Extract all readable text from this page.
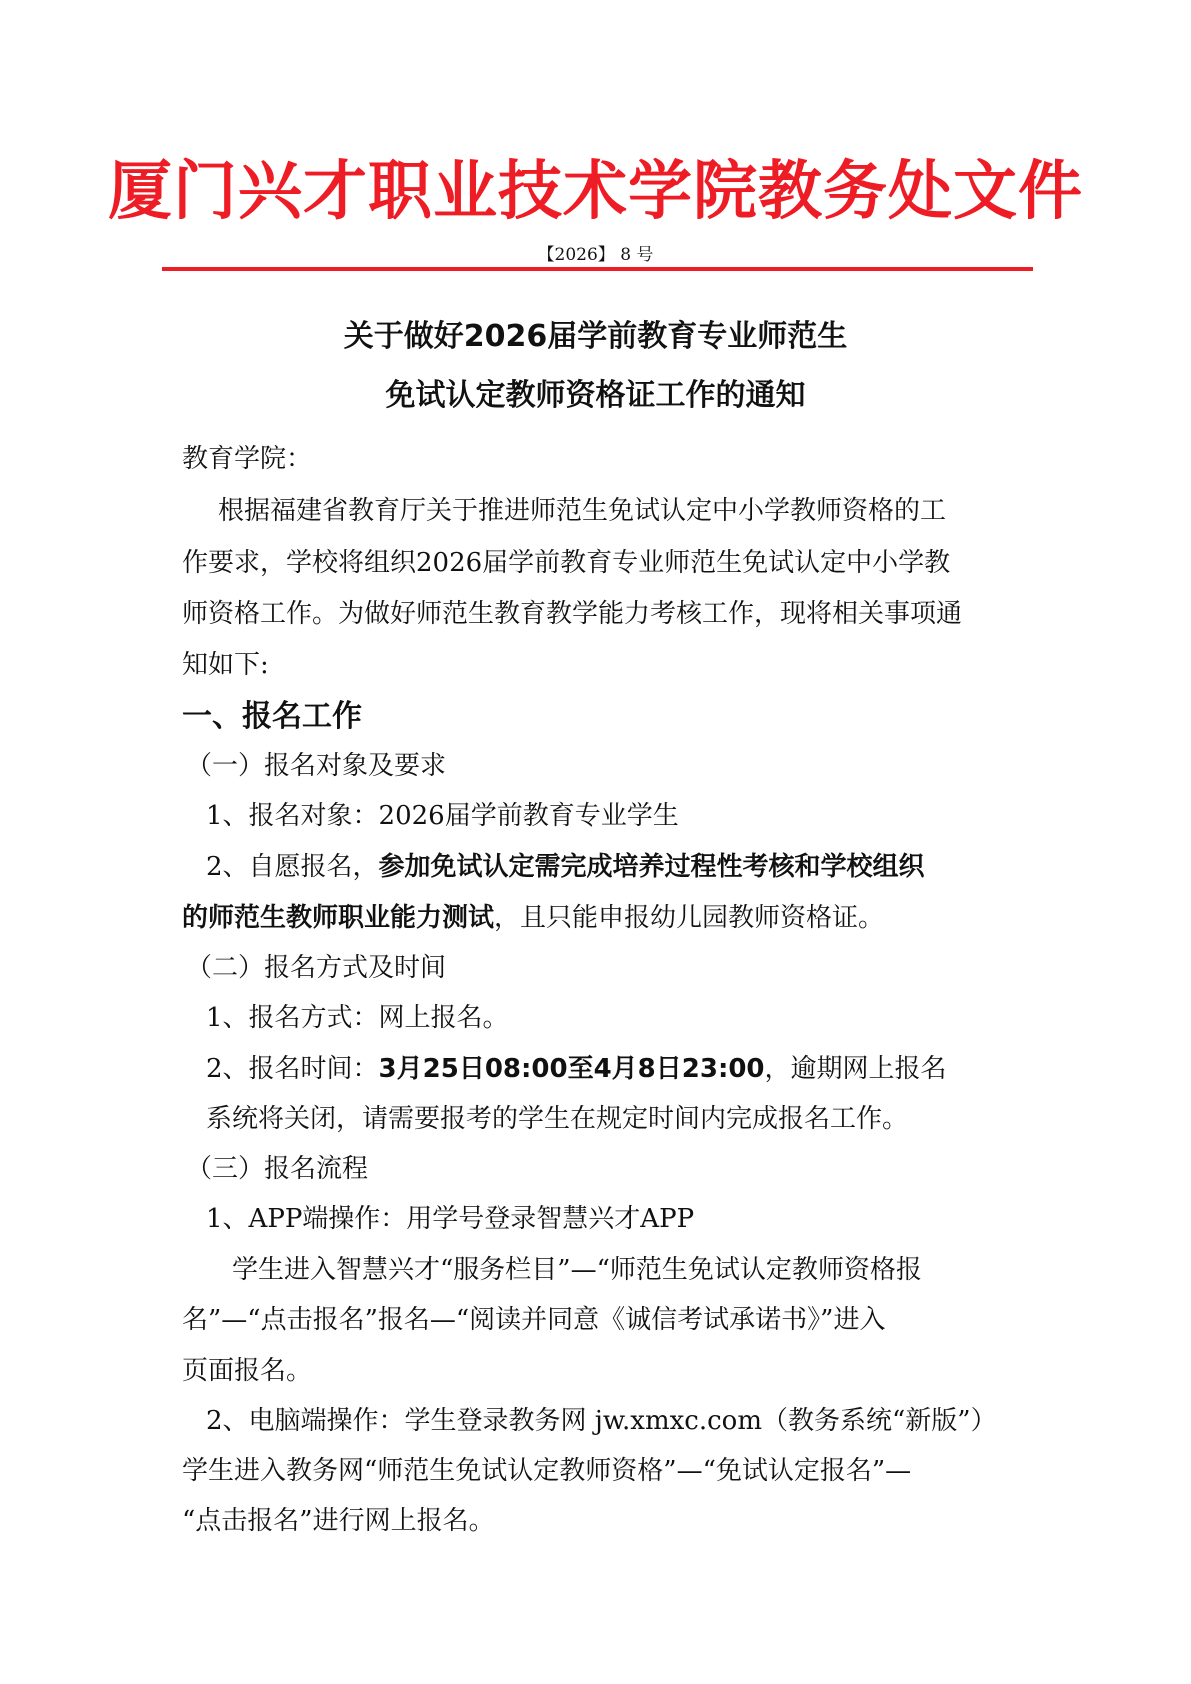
厦门兴才职业技术学院教务处文件
【2026】 8 号
关于做好2026届学前教育专业师范生
免试认定教师资格证工作的通知
教育学院：
根据福建省教育厅关于推进师范生免试认定中小学教师资格的工
作要求，学校将组织2026届学前教育专业师范生免试认定中小学教
师资格工作。为做好师范生教育教学能力考核工作，现将相关事项通
知如下:
一、报名工作
（一）报名对象及要求
1、报名对象：2026届学前教育专业学生
2、自愿报名，参加免试认定需完成培养过程性考核和学校组织
的师范生教师职业能力测试，且只能申报幼儿园教师资格证。
（二）报名方式及时间
1、报名方式：网上报名。
2、报名时间：3月25日08:00至4月8日23:00，逾期网上报名
系统将关闭，请需要报考的学生在规定时间内完成报名工作。
（三）报名流程
1、APP端操作：用学号登录智慧兴才APP
学生进入智慧兴才“服务栏目”—“师范生免试认定教师资格报
名”—“点击报名”报名—“阅读并同意《诚信考试承诺书》”进入
页面报名。
2、电脑端操作：学生登录教务网 jw.xmxc.com（教务系统“新版”）
学生进入教务网“师范生免试认定教师资格”—“免试认定报名”—
“点击报名”进行网上报名。
